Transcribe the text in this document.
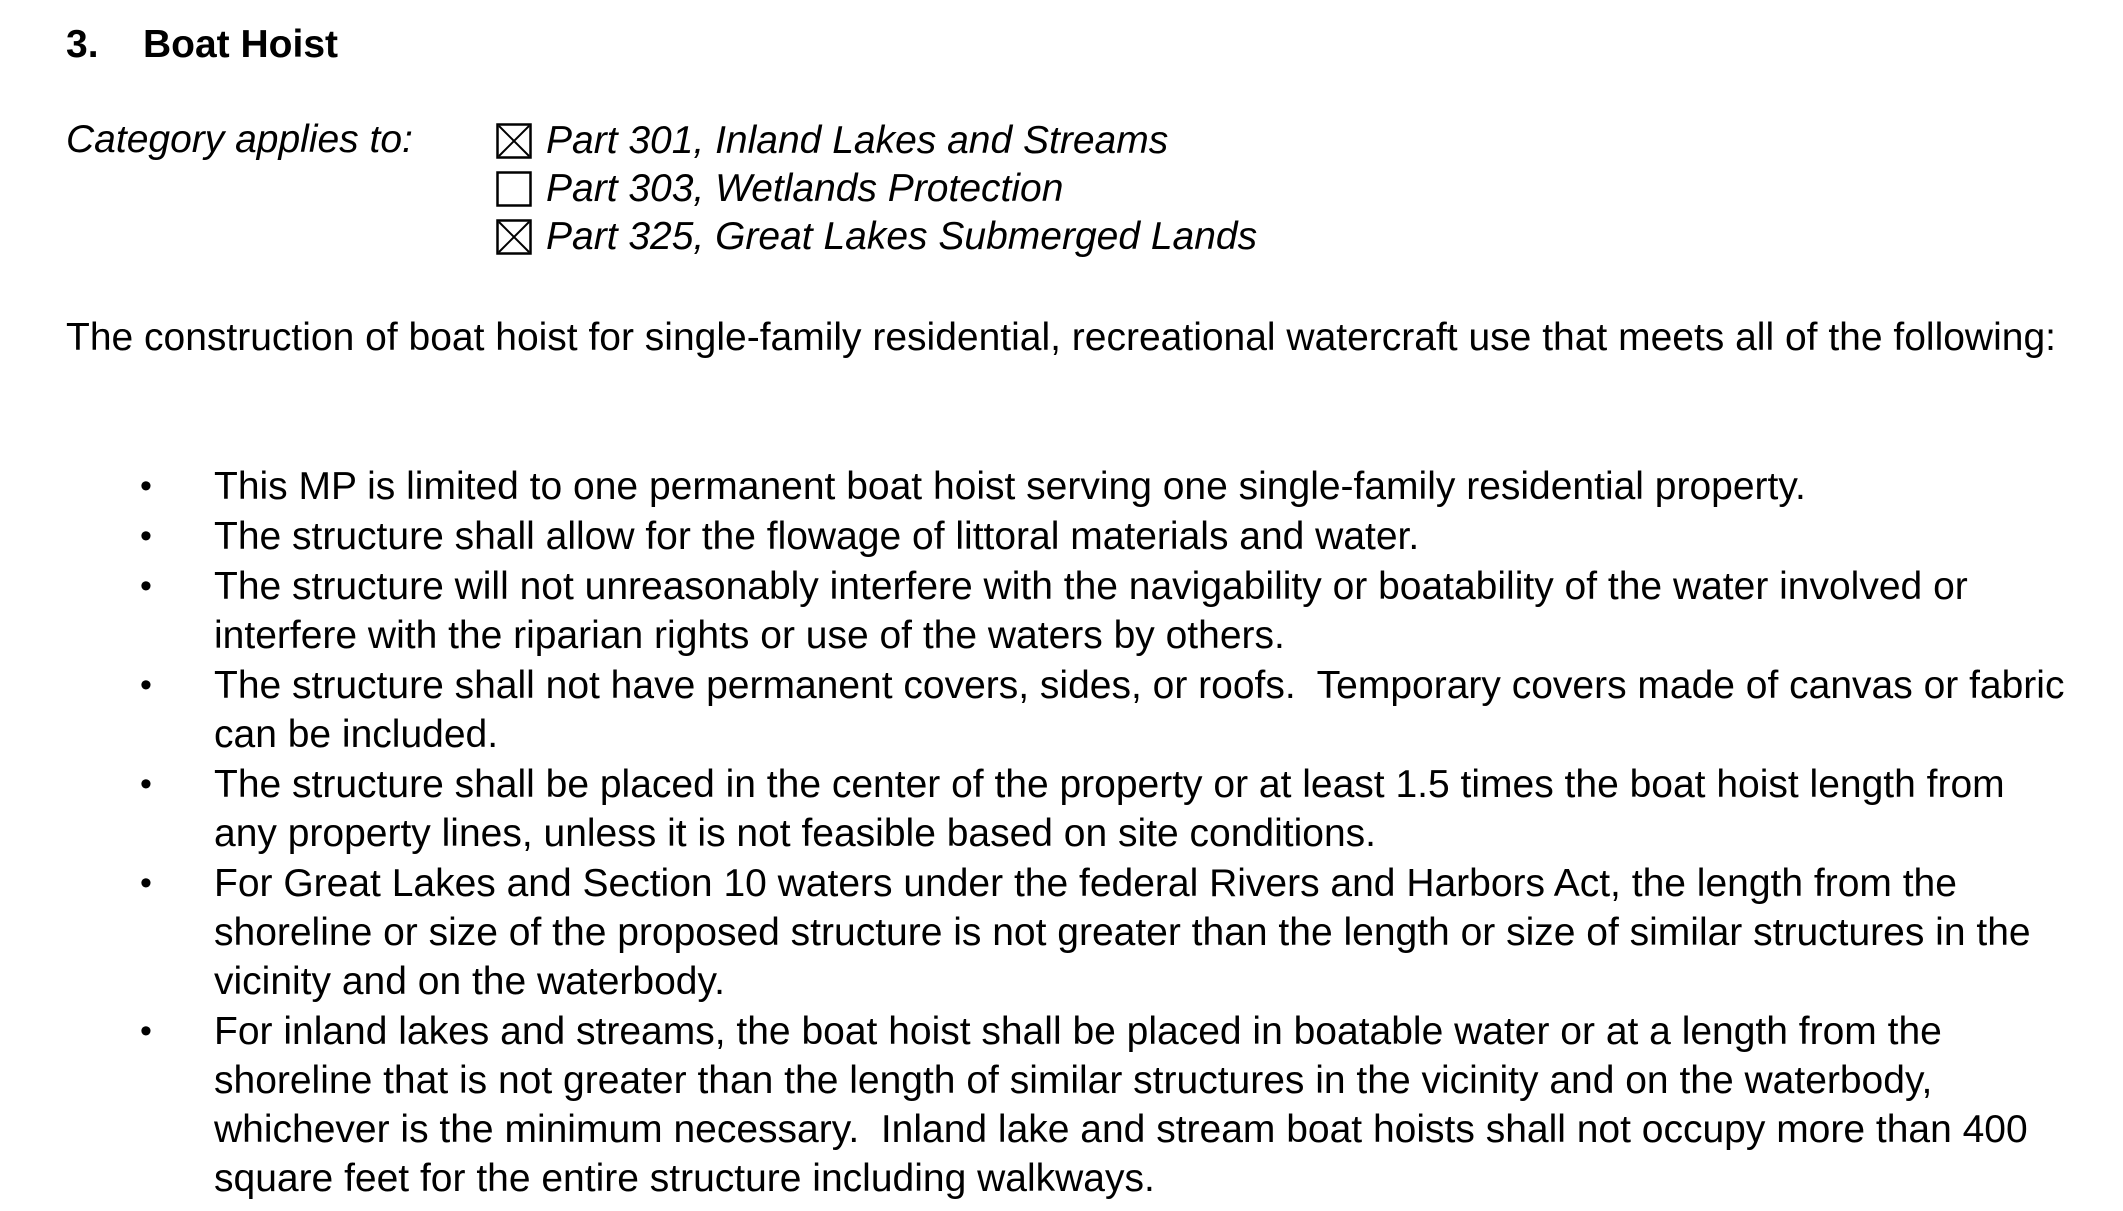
3. Boat Hoist
Category applies to:	Part 301, Inland Lakes and Streams
Part 303, Wetlands Protection
Part 325, Great Lakes Submerged Lands

The construction of boat hoist for single-family residential, recreational watercraft use that meets all of the following:

• This MP is limited to one permanent boat hoist serving one single-family residential property.
• The structure shall allow for the flowage of littoral materials and water.
• The structure will not unreasonably interfere with the navigability or boatability of the water involved or interfere with the riparian rights or use of the waters by others.
• The structure shall not have permanent covers, sides, or roofs.  Temporary covers made of canvas or fabric can be included.
• The structure shall be placed in the center of the property or at least 1.5 times the boat hoist length from any property lines, unless it is not feasible based on site conditions.
• For Great Lakes and Section 10 waters under the federal Rivers and Harbors Act, the length from the shoreline or size of the proposed structure is not greater than the length or size of similar structures in the vicinity and on the waterbody.
• For inland lakes and streams, the boat hoist shall be placed in boatable water or at a length from the shoreline that is not greater than the length of similar structures in the vicinity and on the waterbody, whichever is the minimum necessary.  Inland lake and stream boat hoists shall not occupy more than 400 square feet for the entire structure including walkways.
